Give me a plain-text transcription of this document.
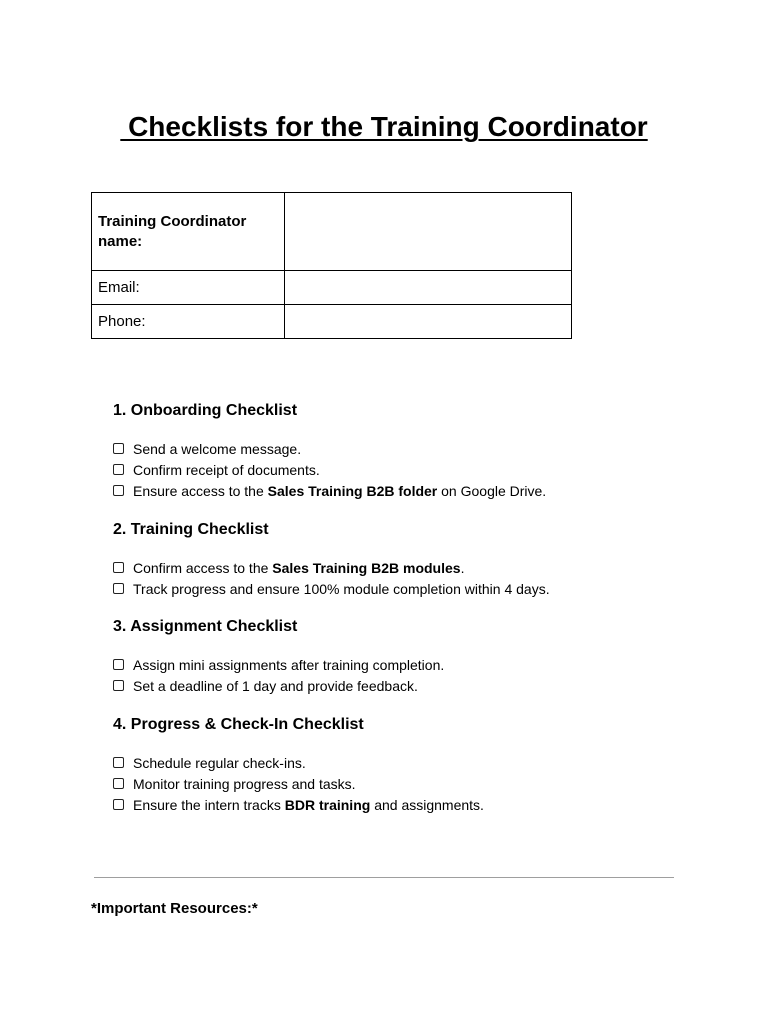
Checklists for the Training Coordinator
Training Coordinator name:	
Email:	
Phone:	
1. Onboarding Checklist
Send a welcome message.
Confirm receipt of documents.
Ensure access to the Sales Training B2B folder on Google Drive.
2. Training Checklist
Confirm access to the Sales Training B2B modules.
Track progress and ensure 100% module completion within 4 days.
3. Assignment Checklist
Assign mini assignments after training completion.
Set a deadline of 1 day and provide feedback.
4. Progress & Check-In Checklist
Schedule regular check-ins.
Monitor training progress and tasks.
Ensure the intern tracks BDR training and assignments.
*Important Resources:*
